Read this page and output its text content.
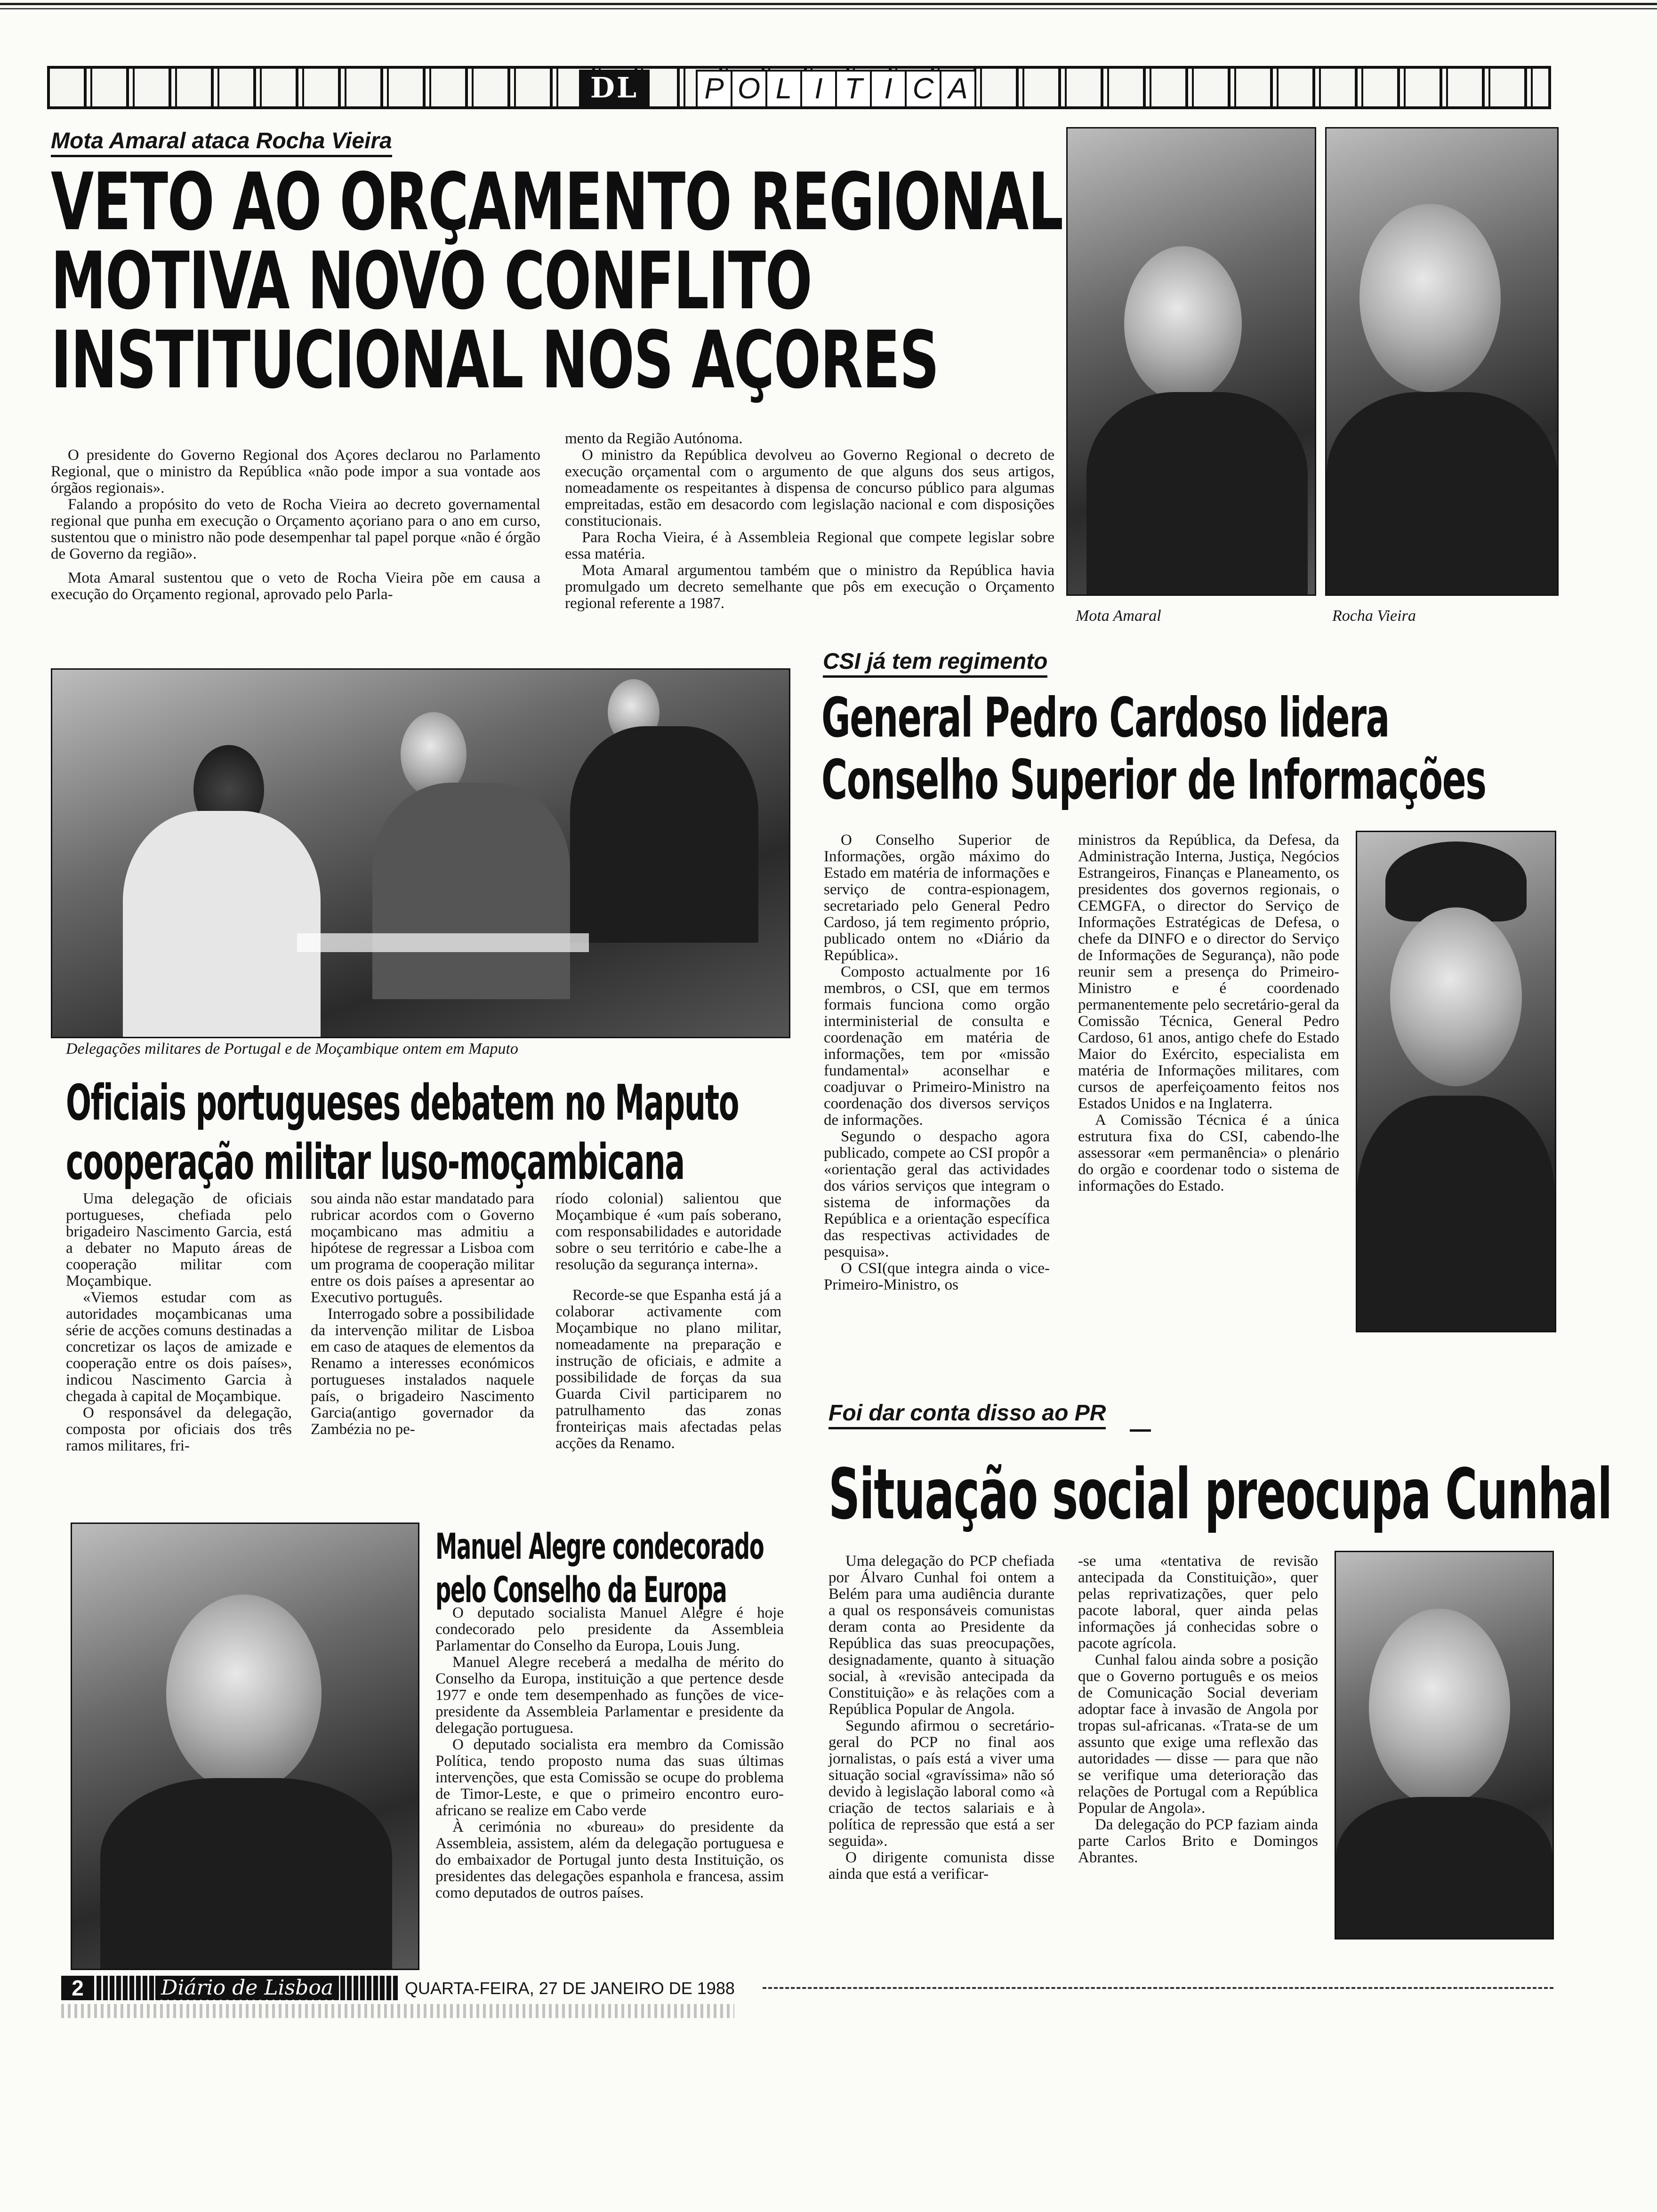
DL	P O L I T I C A
Mota Amaral ataca Rocha Vieira
VETO AO ORÇAMENTO REGIONAL
MOTIVA NOVO CONFLITO
INSTITUCIONAL NOS AÇORES

O presidente do Governo Regional dos Açores declarou no Parlamento Regional, que o ministro da República «não pode impor a sua vontade aos órgãos regionais».

Falando a propósito do veto de Rocha Vieira ao decreto governamental regional que punha em execução o Orçamento açoriano para o ano em curso, sustentou que o ministro não pode desempenhar tal papel porque «não é órgão de Governo da região».

Mota Amaral sustentou que o veto de Rocha Vieira põe em causa a execução do Orçamento regional, aprovado pelo Parla-

mento da Região Autónoma.

O ministro da República devolveu ao Governo Regional o decreto de execução orçamental com o argumento de que alguns dos seus artigos, nomeadamente os respeitantes à dispensa de concurso público para algumas empreitadas, estão em desacordo com legislação nacional e com disposições constitucionais.

Para Rocha Vieira, é à Assembleia Regional que compete legislar sobre essa matéria.

Mota Amaral argumentou também que o ministro da República havia promulgado um decreto semelhante que pôs em execução o Orçamento regional referente a 1987.

Mota Amaral	Rocha Vieira
CSI já tem regimento
General Pedro Cardoso lidera
Conselho Superior de Informações

O Conselho Superior de Informações, orgão máximo do Estado em matéria de informações e serviço de contra-espionagem, secretariado pelo General Pedro Cardoso, já tem regimento próprio, publicado ontem no «Diário da República».

Composto actualmente por 16 membros, o CSI, que em termos formais funciona como orgão interministerial de consulta e coordenação em matéria de informações, tem por «missão fundamental» aconselhar e coadjuvar o Primeiro-Ministro na coordenação dos diversos serviços de informações.

Segundo o despacho agora publicado, compete ao CSI propôr a «orientação geral das actividades dos vários serviços que integram o sistema de informações da República e a orientação específica das respectivas actividades de pesquisa».

O CSI(que integra ainda o vice-Primeiro-Ministro, os

ministros da República, da Defesa, da Administração Interna, Justiça, Negócios Estrangeiros, Finanças e Planeamento, os presidentes dos governos regionais, o CEMGFA, o director do Serviço de Informações Estratégicas de Defesa, o chefe da DINFO e o director do Serviço de Informações de Segurança), não pode reunir sem a presença do Primeiro-Ministro e é coordenado permanentemente pelo secretário-geral da Comissão Técnica, General Pedro Cardoso, 61 anos, antigo chefe do Estado Maior do Exército, especialista em matéria de Informações militares, com cursos de aperfeiçoamento feitos nos Estados Unidos e na Inglaterra.

A Comissão Técnica é a única estrutura fixa do CSI, cabendo-lhe assessorar «em permanência» o plenário do orgão e coordenar todo o sistema de informações do Estado.

Delegações militares de Portugal e de Moçambique ontem em Maputo
Oficiais portugueses debatem no Maputo
cooperação militar luso-moçambicana

Uma delegação de oficiais portugueses, chefiada pelo brigadeiro Nascimento Garcia, está a debater no Maputo áreas de cooperação militar com Moçambique.

«Viemos estudar com as autoridades moçambicanas uma série de acções comuns destinadas a concretizar os laços de amizade e cooperação entre os dois países», indicou Nascimento Garcia à chegada à capital de Moçambique.

O responsável da delegação, composta por oficiais dos três ramos militares, fri-

sou ainda não estar mandatado para rubricar acordos com o Governo moçambicano mas admitiu a hipótese de regressar a Lisboa com um programa de cooperação militar entre os dois países a apresentar ao Executivo português.

Interrogado sobre a possibilidade da intervenção militar de Lisboa em caso de ataques de elementos da Renamo a interesses económicos portugueses instalados naquele país, o brigadeiro Nascimento Garcia(antigo governador da Zambézia no pe-

ríodo colonial) salientou que Moçambique é «um país soberano, com responsabilidades e autoridade sobre o seu território e cabe-lhe a resolução da segurança interna».

Recorde-se que Espanha está já a colaborar activamente com Moçambique no plano militar, nomeadamente na preparação e instrução de oficiais, e admite a possibilidade de forças da sua Guarda Civil participarem no patrulhamento das zonas fronteiriças mais afectadas pelas acções da Renamo.

Manuel Alegre condecorado
pelo Conselho da Europa

O deputado socialista Manuel Alegre é hoje condecorado pelo presidente da Assembleia Parlamentar do Conselho da Europa, Louis Jung.

Manuel Alegre receberá a medalha de mérito do Conselho da Europa, instituição a que pertence desde 1977 e onde tem desempenhado as funções de vice-presidente da Assembleia Parlamentar e presidente da delegação portuguesa.

O deputado socialista era membro da Comissão Política, tendo proposto numa das suas últimas intervenções, que esta Comissão se ocupe do problema de Timor-Leste, e que o primeiro encontro euro-africano se realize em Cabo verde

À cerimónia no «bureau» do presidente da Assembleia, assistem, além da delegação portuguesa e do embaixador de Portugal junto desta Instituição, os presidentes das delegações espanhola e francesa, assim como deputados de outros países.

Foi dar conta disso ao PR
Situação social preocupa Cunhal

Uma delegação do PCP chefiada por Álvaro Cunhal foi ontem a Belém para uma audiência durante a qual os responsáveis comunistas deram conta ao Presidente da República das suas preocupações, designadamente, quanto à situação social, à «revisão antecipada da Constituição» e às relações com a República Popular de Angola.

Segundo afirmou o secretário-geral do PCP no final aos jornalistas, o país está a viver uma situação social «gravíssima» não só devido à legislação laboral como «à criação de tectos salariais e à política de repressão que está a ser seguida».

O dirigente comunista disse ainda que está a verificar-

-se uma «tentativa de revisão antecipada da Constituição», quer pelas reprivatizações, quer pelo pacote laboral, quer ainda pelas informações já conhecidas sobre o pacote agrícola.

Cunhal falou ainda sobre a posição que o Governo português e os meios de Comunicação Social deveriam adoptar face à invasão de Angola por tropas sul-africanas. «Trata-se de um assunto que exige uma reflexão das autoridades — disse — para que não se verifique uma deterioração das relações de Portugal com a República Popular de Angola».

Da delegação do PCP faziam ainda parte Carlos Brito e Domingos Abrantes.

2	Diário de Lisboa	QUARTA-FEIRA, 27 DE JANEIRO DE 1988
